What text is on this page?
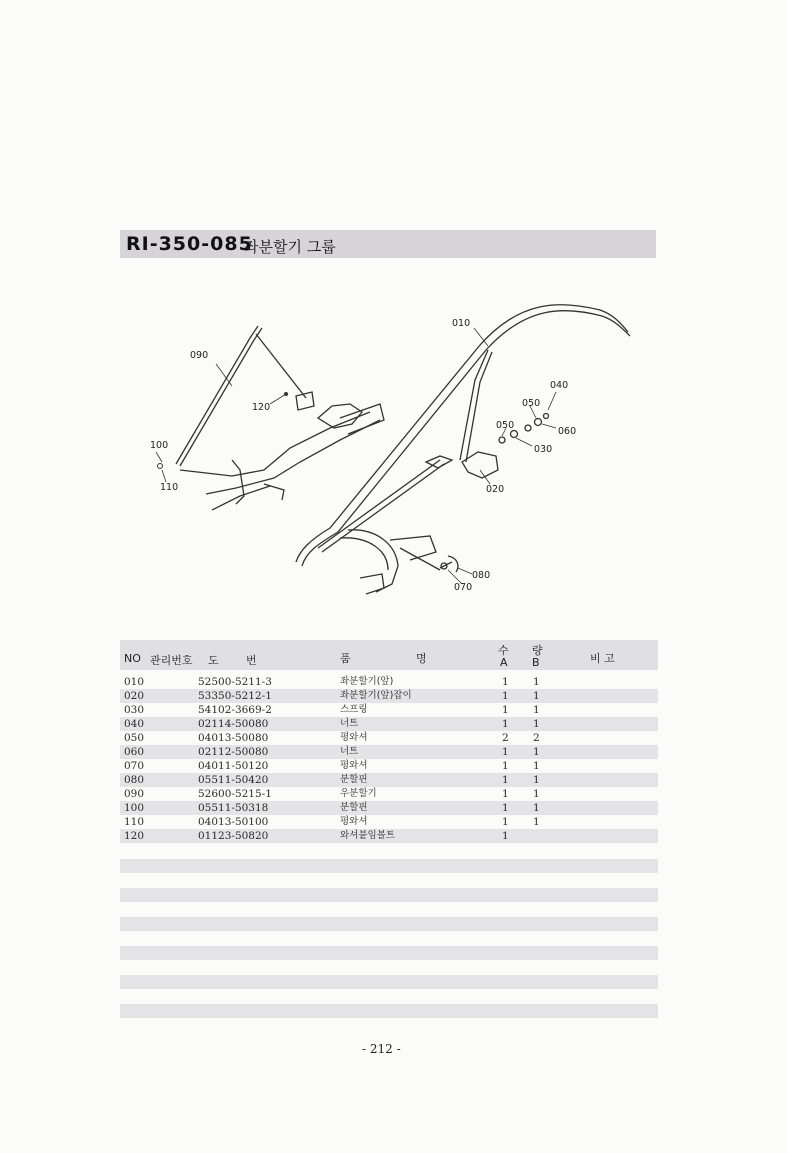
RI-350-085
좌분할기 그룹
010
020
030
040
050
050
060
070
080
090
100
110
120
NO 관리번호 도 번	품	명
수 량
A B	비 고
010	52500-5211-3	좌분할기(앞)	1 1
020	53350-5212-1	좌분할기(앞)잡이	1 1
030	54102-3669-2	스프링	1 1
040	02114-50080	너트	1 1
050	04013-50080	평와셔	2 2
060	02112-50080	너트	1 1
070	04011-50120	평와셔	1 1
080	05511-50420	분할핀	1 1
090	52600-5215-1	우분할기	1 1
100	05511-50318	분할핀	1 1
110	04013-50100	평와셔	1 1
120	01123-50820	와셔붙임볼트	1
- 212 -
